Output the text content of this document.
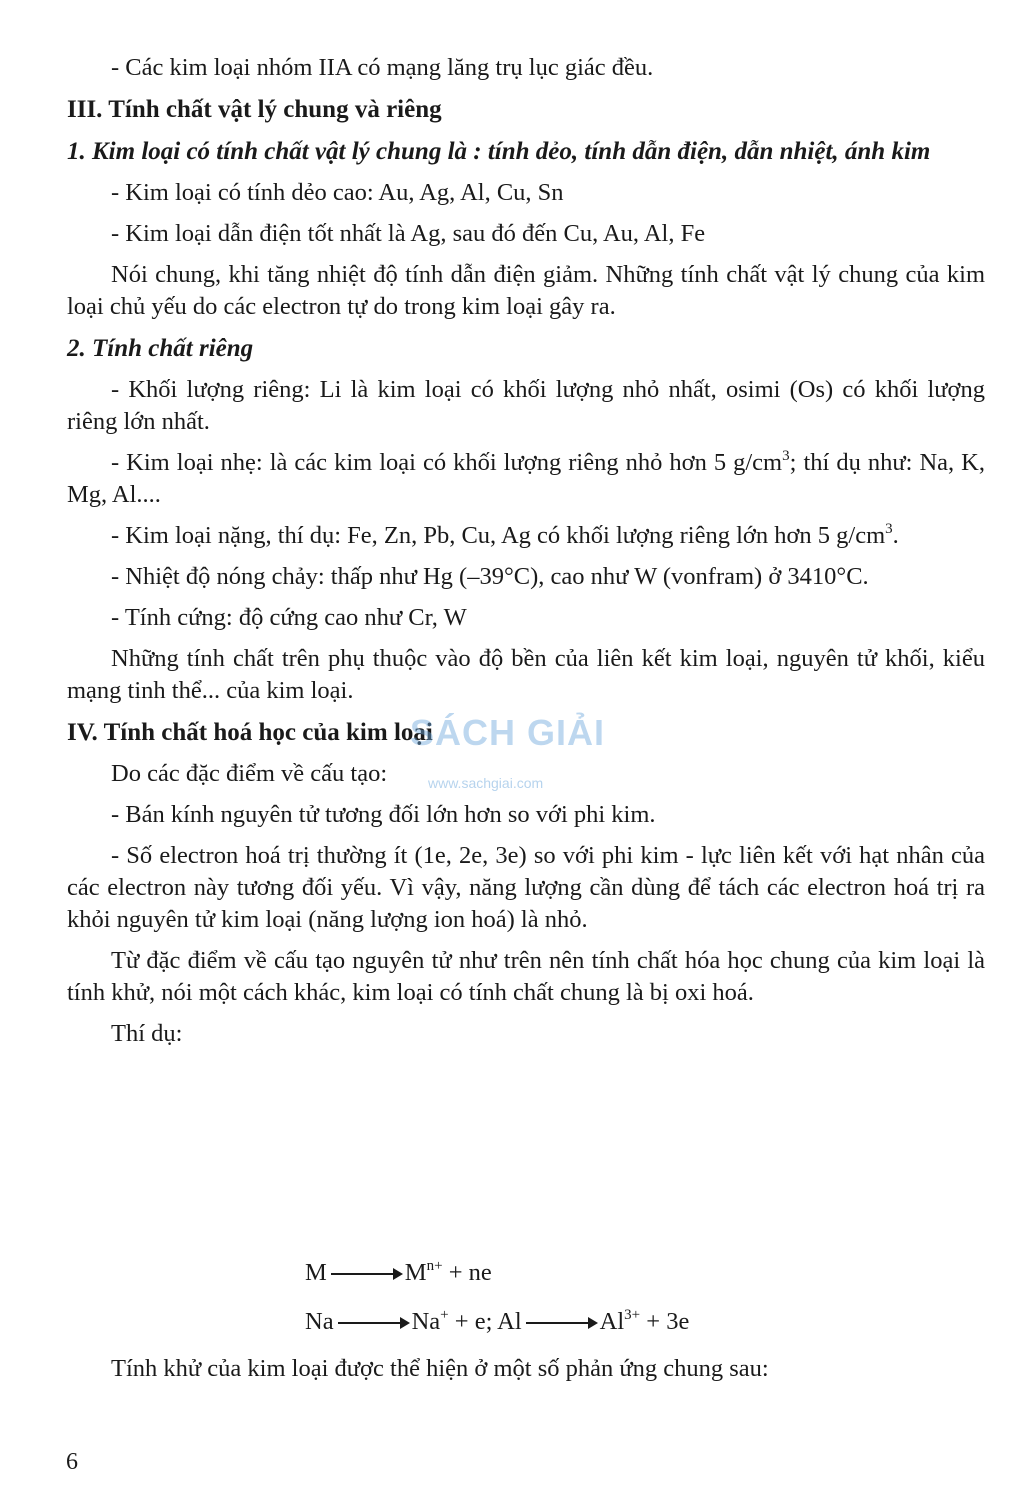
- Các kim loại nhóm IIA có mạng lăng trụ lục giác đều.

III. Tính chất vật lý chung và riêng
1. Kim loại có tính chất vật lý chung là : tính dẻo, tính dẫn điện, dẫn nhiệt, ánh kim

- Kim loại có tính dẻo cao: Au, Ag, Al, Cu, Sn

- Kim loại dẫn điện tốt nhất là Ag, sau đó đến Cu, Au, Al, Fe

Nói chung, khi tăng nhiệt độ tính dẫn điện giảm. Những tính chất vật lý chung của kim loại chủ yếu do các electron tự do trong kim loại gây ra.

2. Tính chất riêng

- Khối lượng riêng: Li là kim loại có khối lượng nhỏ nhất, osimi (Os) có khối lượng riêng lớn nhất.

- Kim loại nhẹ: là các kim loại có khối lượng riêng nhỏ hơn 5 $g/cm^3$; thí dụ như: Na, K, Mg, Al....

- Kim loại nặng, thí dụ: Fe, Zn, Pb, Cu, Ag có khối lượng riêng lớn hơn 5 $g/cm^3$.

- Nhiệt độ nóng chảy: thấp như Hg (–39°C), cao như W (vonfram) ở 3410°C.

- Tính cứng: độ cứng cao như Cr, W

Những tính chất trên phụ thuộc vào độ bền của liên kết kim loại, nguyên tử khối, kiểu mạng tinh thể... của kim loại.

IV. Tính chất hoá học của kim loại

Do các đặc điểm về cấu tạo:

- Bán kính nguyên tử tương đối lớn hơn so với phi kim.

- Số electron hoá trị thường ít (1e, 2e, 3e) so với phi kim - lực liên kết với hạt nhân của các electron này tương đối yếu. Vì vậy, năng lượng cần dùng để tách các electron hoá trị ra khỏi nguyên tử kim loại (năng lượng ion hoá) là nhỏ.

Từ đặc điểm về cấu tạo nguyên tử như trên nên tính chất hóa học chung của kim loại là tính khử, nói một cách khác, kim loại có tính chất chung là bị oxi hoá.

Thí dụ:

M	$M^{n+}$ + ne
Na	Na+ + e; Al	$Al^{3+} + 3e$

Tính khử của kim loại được thể hiện ở một số phản ứng chung sau:

SÁCH GIẢI
www.sachgiai.com
6
